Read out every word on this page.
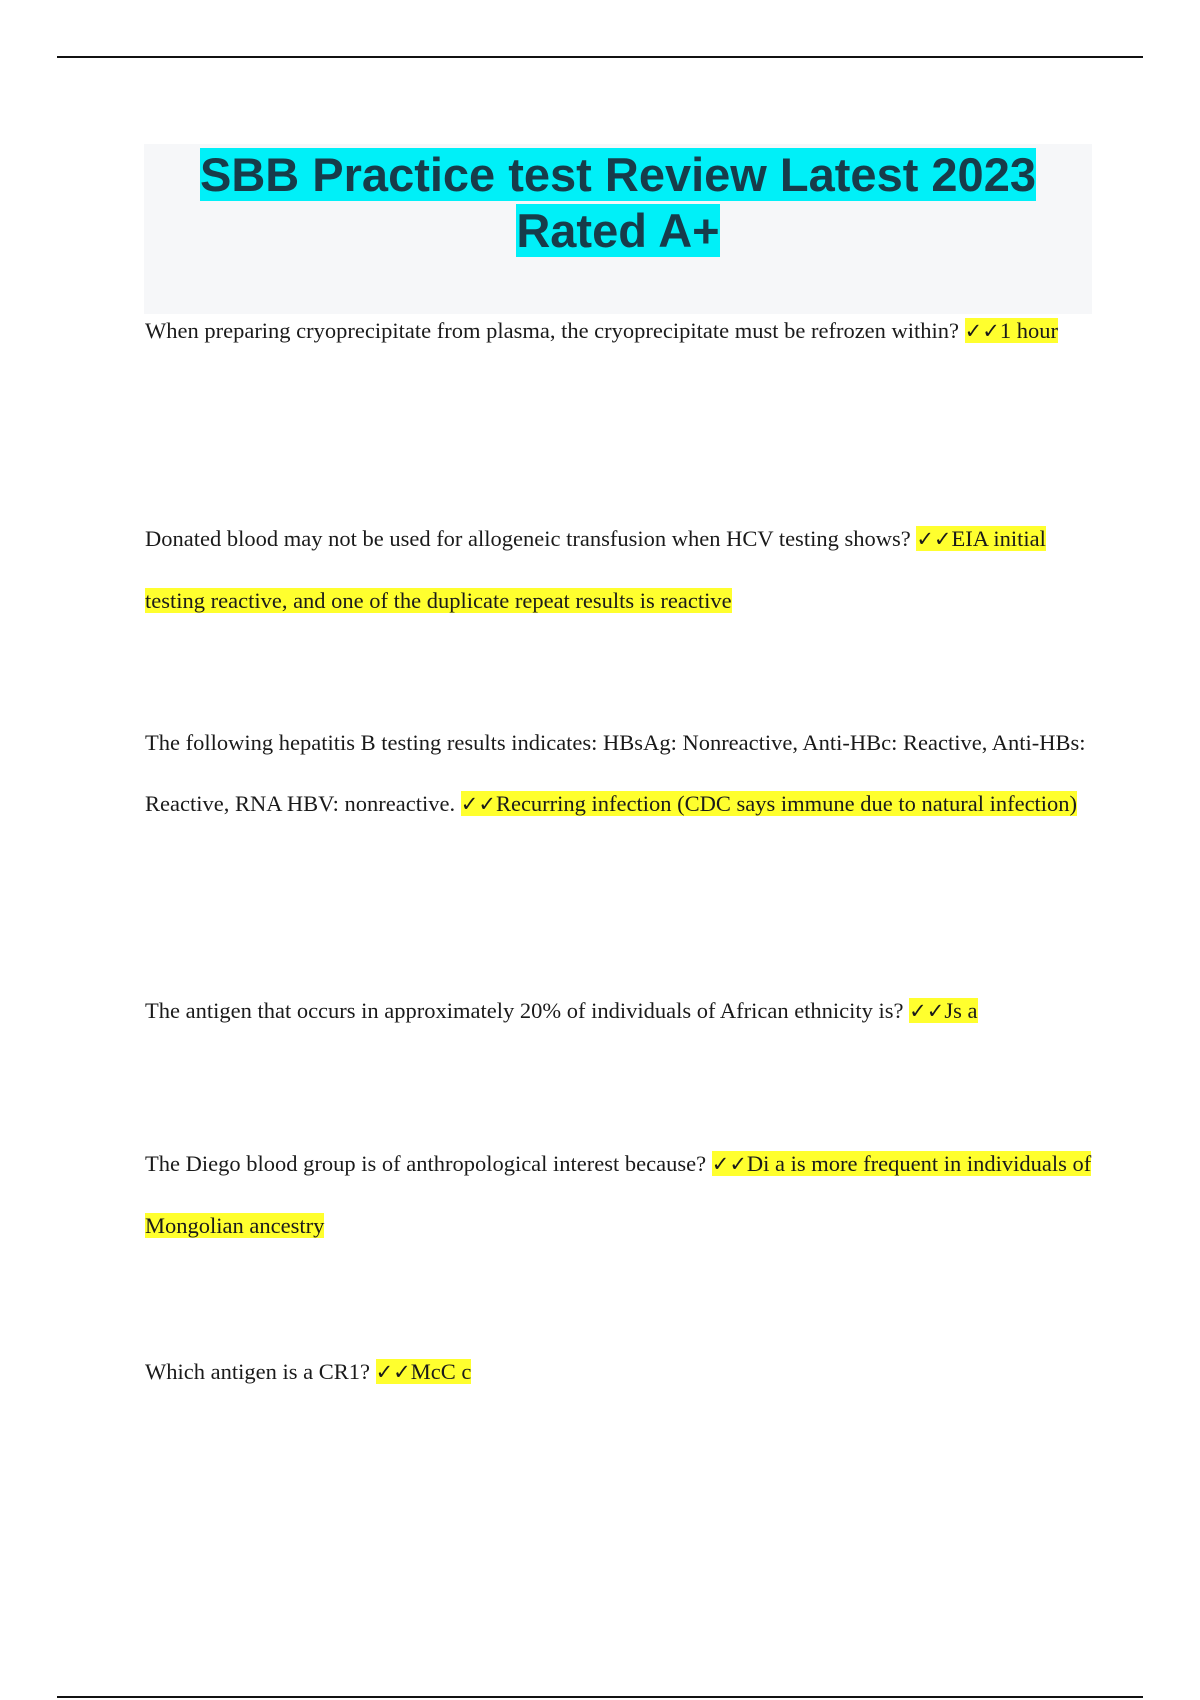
SBB Practice test Review Latest 2023 Rated A+

When preparing cryoprecipitate from plasma, the cryoprecipitate must be refrozen within? ✓✓1 hour

Donated blood may not be used for allogeneic transfusion when HCV testing shows? ✓✓EIA initial testing reactive, and one of the duplicate repeat results is reactive

The following hepatitis B testing results indicates: HBsAg: Nonreactive, Anti-HBc: Reactive, Anti-HBs: Reactive, RNA HBV: nonreactive. ✓✓Recurring infection (CDC says immune due to natural infection)

The antigen that occurs in approximately 20% of individuals of African ethnicity is? ✓✓Js a

The Diego blood group is of anthropological interest because? ✓✓Di a is more frequent in individuals of Mongolian ancestry

Which antigen is a CR1? ✓✓McC c
